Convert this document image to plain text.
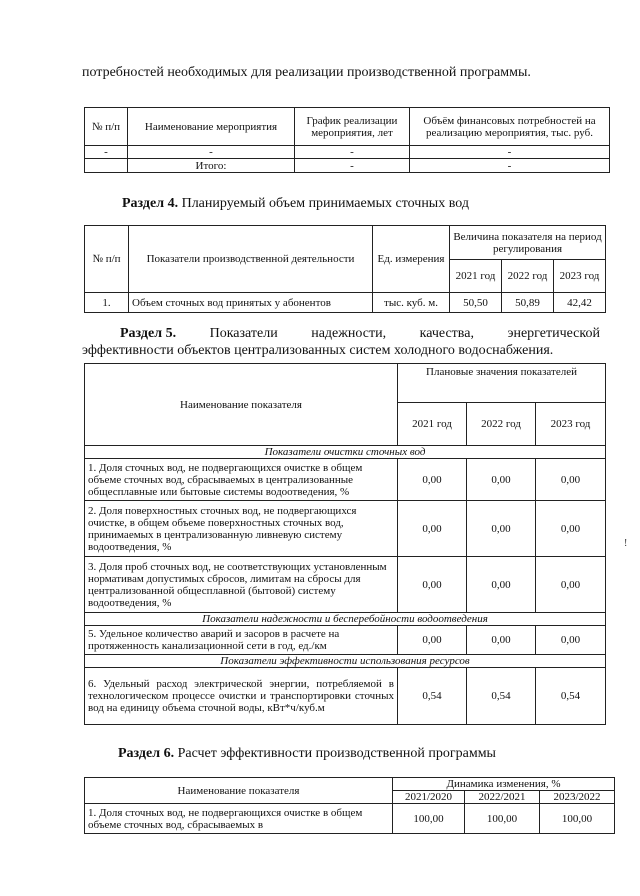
потребностей необходимых для реализации производственной программы.
№ п/п	Наименование мероприятия	График реализации мероприятия, лет	Объём финансовых потребностей на реализацию мероприятия, тыс. руб.
-	-	-	-
	Итого:	-	-
Раздел 4. Планируемый объем принимаемых сточных вод
№ п/п	Показатели производственной деятельности	Ед. измерения	Величина показателя на период регулирования		
			2021 год	2022 год	2023 год
1.	Объем сточных вод принятых у абонентов	тыс. куб. м.	50,50	50,89	42,42
Раздел 5. Показатели надежности, качества, энергетической
эффективности объектов централизованных систем холодного водоснабжения.
Наименование показателя	Плановые значения показателей		
	2021 год	2022 год	2023 год
Показатели очистки сточных вод			
1. Доля сточных вод, не подвергающихся очистке в общем объеме сточных вод, сбрасываемых в централизованные общесплавные или бытовые системы водоотведения, %	0,00	0,00	0,00
2. Доля поверхностных сточных вод, не подвергающихся очистке, в общем объеме поверхностных сточных вод, принимаемых в централизованную ливневую систему водоотведения, %	0,00	0,00	0,00
3. Доля проб сточных вод, не соответствующих установленным нормативам допустимых сбросов, лимитам на сбросы для централизованной общесплавной (бытовой) систему водоотведения, %	0,00	0,00	0,00
Показатели надежности и бесперебойности водоотведения			
5. Удельное количество аварий и засоров в расчете на протяженность канализационной сети в год, ед./км	0,00	0,00	0,00
Показатели эффективности использования ресурсов			
6. Удельный расход электрической энергии, потребляемой в технологическом процессе очистки и транспортировки сточных вод на единицу объема сточной воды, кВт*ч/куб.м	0,54	0,54	0,54
!
Раздел 6. Расчет эффективности производственной программы
Наименование показателя	Динамика изменения, %		
	2021/2020	2022/2021	2023/2022
1. Доля сточных вод, не подвергающихся очистке в общем объеме сточных вод, сбрасываемых в	100,00	100,00	100,00
